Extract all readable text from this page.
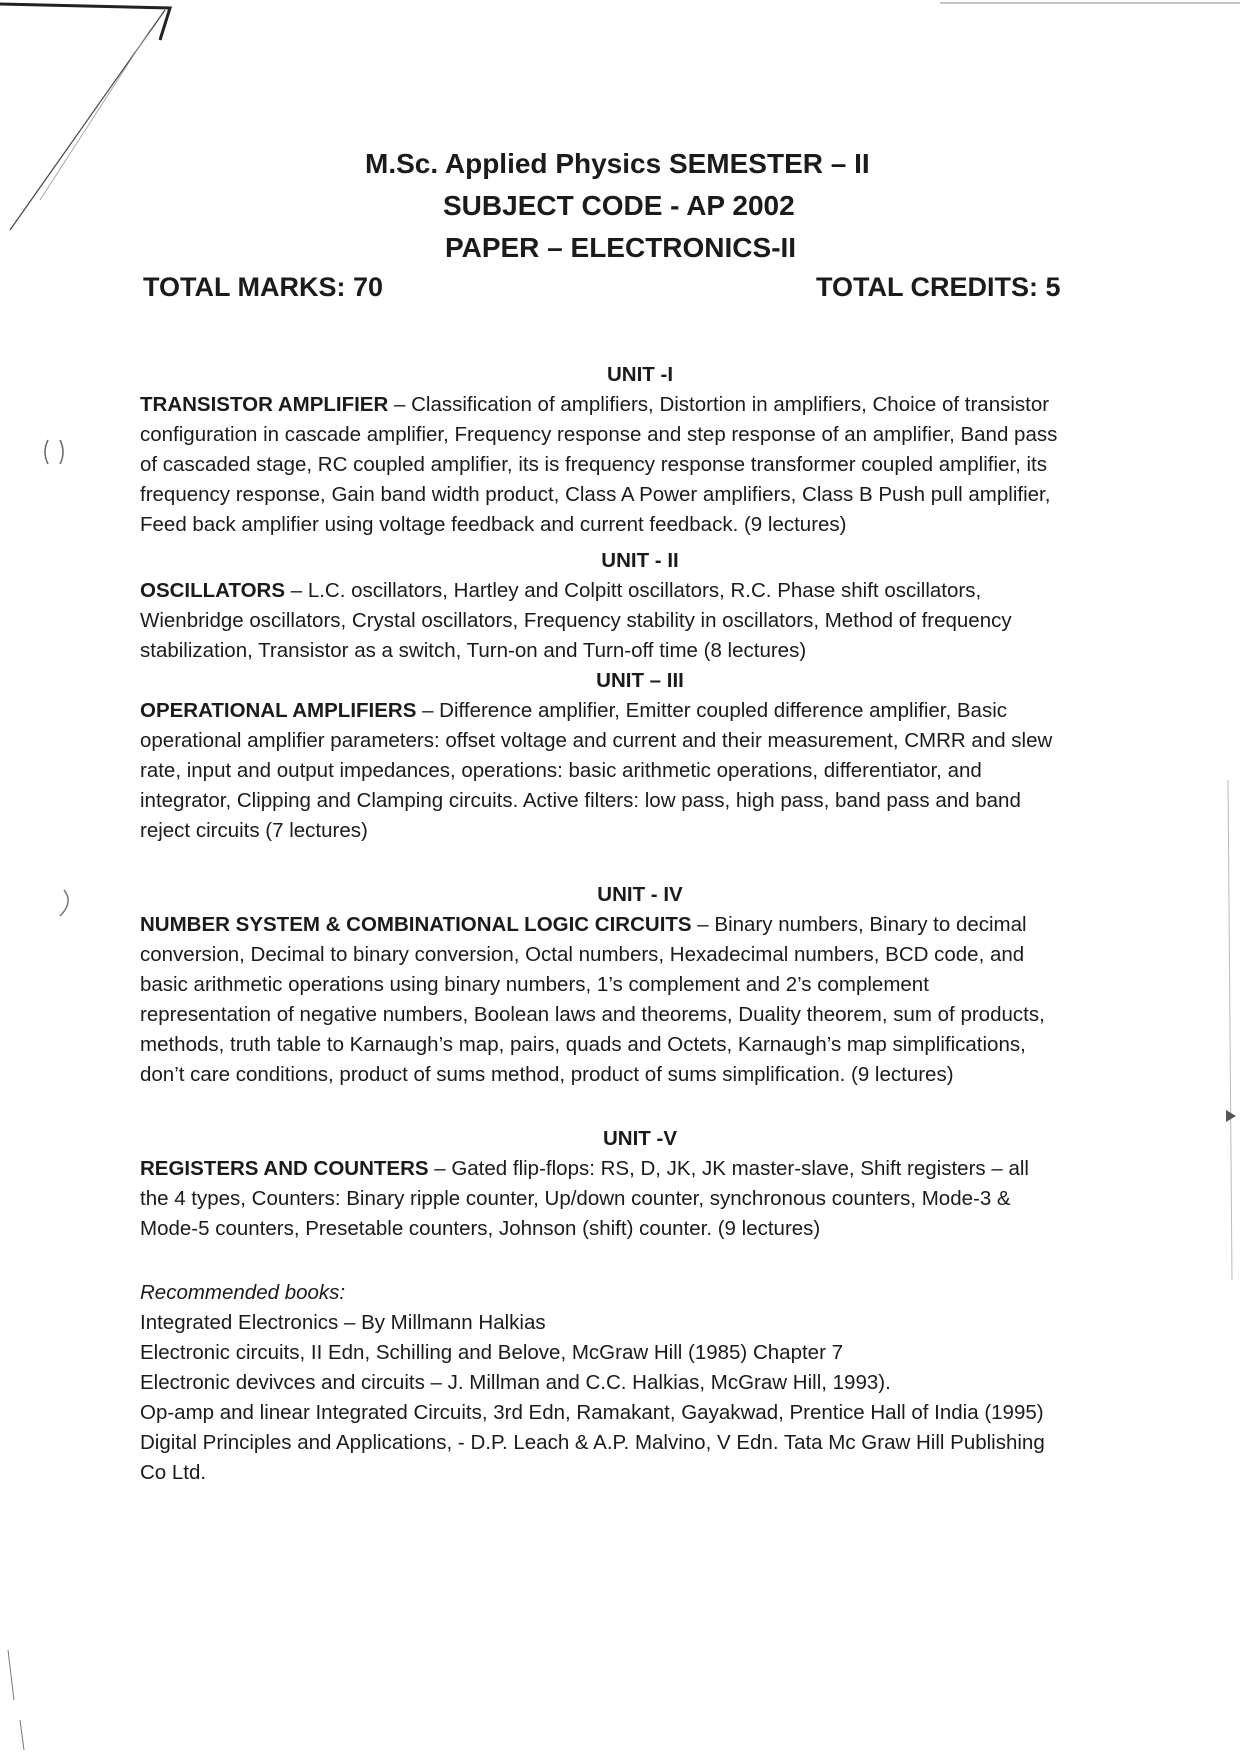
M.Sc. Applied Physics SEMESTER – II
SUBJECT CODE - AP 2002
PAPER – ELECTRONICS-II
TOTAL MARKS: 70	TOTAL CREDITS: 5

UNIT -I

TRANSISTOR AMPLIFIER – Classification of amplifiers, Distortion in amplifiers, Choice of transistor configuration in cascade amplifier, Frequency response and step response of an amplifier, Band pass of cascaded stage, RC coupled amplifier, its is frequency response transformer coupled amplifier, its frequency response, Gain band width product, Class A Power amplifiers, Class B Push pull amplifier, Feed back amplifier using voltage feedback and current feedback. (9 lectures)

UNIT - II

OSCILLATORS – L.C. oscillators, Hartley and Colpitt oscillators, R.C. Phase shift oscillators, Wienbridge oscillators, Crystal oscillators, Frequency stability in oscillators, Method of frequency stabilization, Transistor as a switch, Turn-on and Turn-off time (8 lectures)

UNIT – III

OPERATIONAL AMPLIFIERS – Difference amplifier, Emitter coupled difference amplifier, Basic operational amplifier parameters: offset voltage and current and their measurement, CMRR and slew rate, input and output impedances, operations: basic arithmetic operations, differentiator, and integrator, Clipping and Clamping circuits. Active filters: low pass, high pass, band pass and band reject circuits (7 lectures)

UNIT - IV

NUMBER SYSTEM & COMBINATIONAL LOGIC CIRCUITS – Binary numbers, Binary to decimal conversion, Decimal to binary conversion, Octal numbers, Hexadecimal numbers, BCD code, and basic arithmetic operations using binary numbers, 1’s complement and 2’s complement representation of negative numbers, Boolean laws and theorems, Duality theorem, sum of products, methods, truth table to Karnaugh’s map, pairs, quads and Octets, Karnaugh’s map simplifications, don’t care conditions, product of sums method, product of sums simplification. (9 lectures)

UNIT -V

REGISTERS AND COUNTERS – Gated flip-flops: RS, D, JK, JK master-slave, Shift registers – all the 4 types, Counters: Binary ripple counter, Up/down counter, synchronous counters, Mode-3 & Mode-5 counters, Presetable counters, Johnson (shift) counter. (9 lectures)

Recommended books:

Integrated Electronics – By Millmann Halkias

Electronic circuits, II Edn, Schilling and Belove, McGraw Hill (1985) Chapter 7

Electronic devivces and circuits – J. Millman and C.C. Halkias, McGraw Hill, 1993).

Op-amp and linear Integrated Circuits, 3rd Edn, Ramakant, Gayakwad, Prentice Hall of India (1995)

Digital Principles and Applications, - D.P. Leach & A.P. Malvino, V Edn. Tata Mc Graw Hill Publishing Co Ltd.
